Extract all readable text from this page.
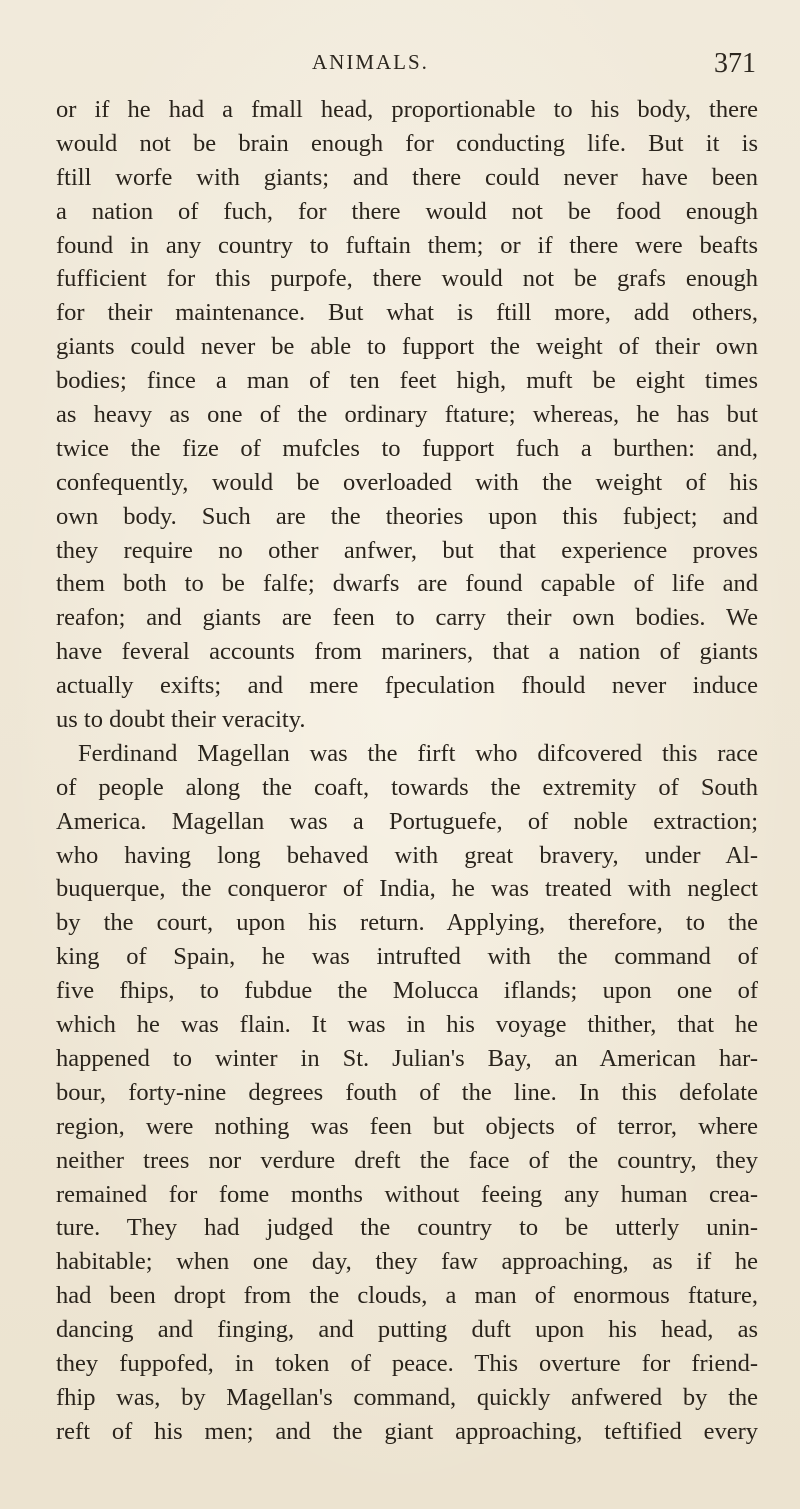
ANIMALS.	371
or if he had a fmall head, proportionable to his body, there
would not be brain enough for conducting life. But it is
ftill worfe with giants; and there could never have been
a nation of fuch, for there would not be food enough
found in any country to fuftain them; or if there were beafts
fufficient for this purpofe, there would not be grafs enough
for their maintenance. But what is ftill more, add others,
giants could never be able to fupport the weight of their own
bodies; fince a man of ten feet high, muft be eight times
as heavy as one of the ordinary ftature; whereas, he has but
twice the fize of mufcles to fupport fuch a burthen: and,
confequently, would be overloaded with the weight of his
own body. Such are the theories upon this fubject; and
they require no other anfwer, but that experience proves
them both to be falfe; dwarfs are found capable of life and
reafon; and giants are feen to carry their own bodies. We
have feveral accounts from mariners, that a nation of giants
actually exifts; and mere fpeculation fhould never induce
us to doubt their veracity.
Ferdinand Magellan was the firft who difcovered this race
of people along the coaft, towards the extremity of South
America. Magellan was a Portuguefe, of noble extraction;
who having long behaved with great bravery, under Al-
buquerque, the conqueror of India, he was treated with neglect
by the court, upon his return. Applying, therefore, to the
king of Spain, he was intrufted with the command of
five fhips, to fubdue the Molucca iflands; upon one of
which he was flain. It was in his voyage thither, that he
happened to winter in St. Julian's Bay, an American har-
bour, forty-nine degrees fouth of the line. In this defolate
region, were nothing was feen but objects of terror, where
neither trees nor verdure dreft the face of the country, they
remained for fome months without feeing any human crea-
ture. They had judged the country to be utterly unin-
habitable; when one day, they faw approaching, as if he
had been dropt from the clouds, a man of enormous ftature,
dancing and finging, and putting duft upon his head, as
they fuppofed, in token of peace. This overture for friend-
fhip was, by Magellan's command, quickly anfwered by the
reft of his men; and the giant approaching, teftified every
